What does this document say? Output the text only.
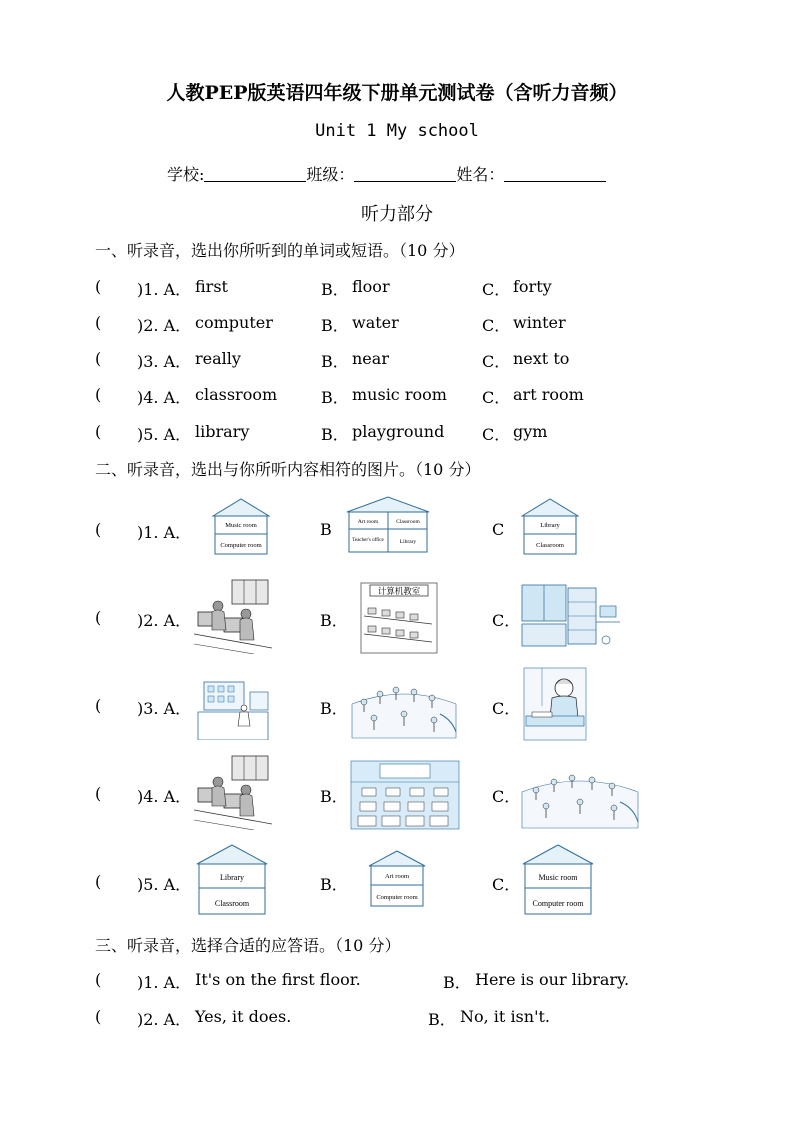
人教PEP版英语四年级下册单元测试卷（含听力音频）
Unit 1 My school
学校:	班级：	姓名：
听力部分
一、听录音，选出你所听到的单词或短语。（10 分）
( )1. A． first	B． floor	C． forty
( )2. A． computer	B． water	C． winter
( )3. A． really	B． near	C． next to
( )4. A． classroom	B． music room C． art room
( )5. A． library	B． playground C． gym
二、听录音，选出与你所听内容相符的图片。（10 分）
( )1. A．	Music room
Computer room
B	Art room	Classroom
Teacher's office	Library
C	Library
Classroom
( )2. A．	B．
计算机教室
C．
( )3. A．	B．	C．
( )4. A．	B．	C．
( )5. A．	Library
Classroom
B．	Art room
Computer room
C． Music room
Computer room
三、听录音，选择合适的应答语。（10 分）
( )1. A． It's on the first floor.	B． Here is our library.
( )2. A． Yes, it does.	B． No, it isn't.
